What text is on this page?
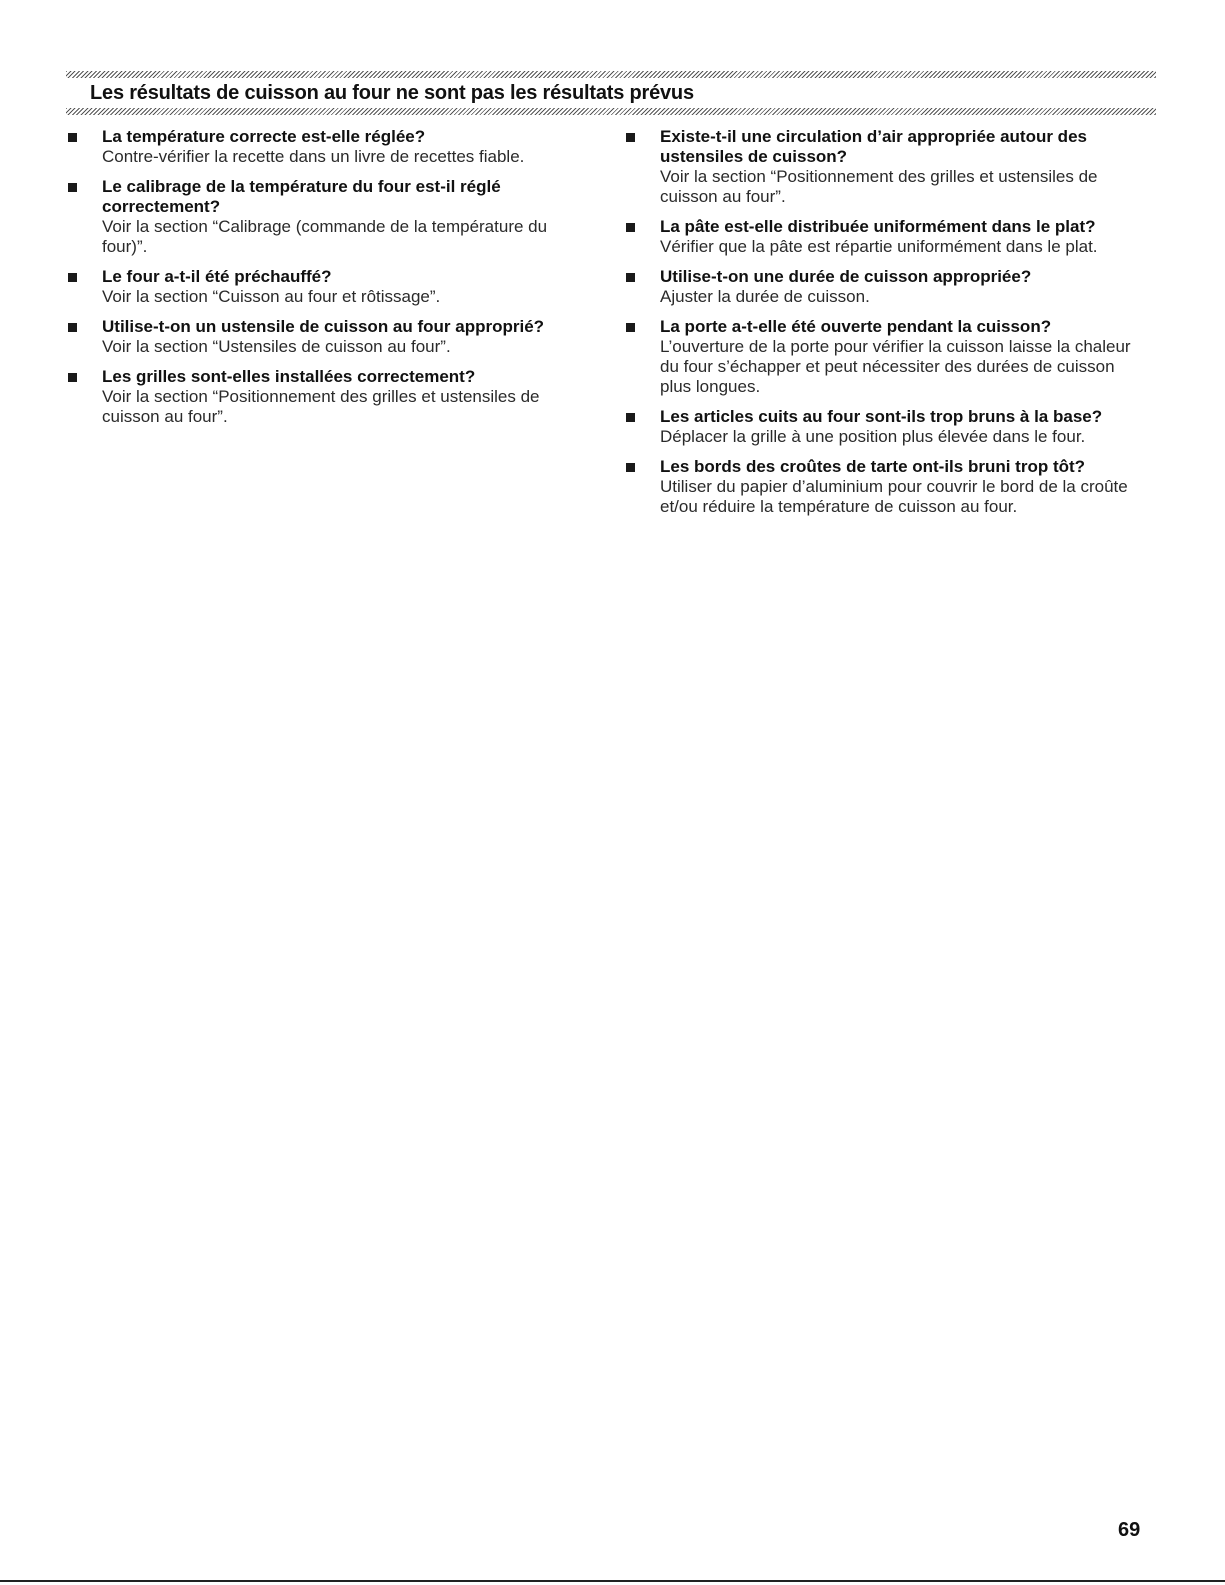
Les résultats de cuisson au four ne sont pas les résultats prévus
La température correcte est-elle réglée?
Contre-vérifier la recette dans un livre de recettes fiable.
Le calibrage de la température du four est-il réglé correctement?
Voir la section “Calibrage (commande de la température du four)”.
Le four a-t-il été préchauffé?
Voir la section “Cuisson au four et rôtissage”.
Utilise-t-on un ustensile de cuisson au four approprié?
Voir la section “Ustensiles de cuisson au four”.
Les grilles sont-elles installées correctement?
Voir la section “Positionnement des grilles et ustensiles de cuisson au four”.
Existe-t-il une circulation d’air appropriée autour des ustensiles de cuisson?
Voir la section “Positionnement des grilles et ustensiles de cuisson au four”.
La pâte est-elle distribuée uniformément dans le plat?
Vérifier que la pâte est répartie uniformément dans le plat.
Utilise-t-on une durée de cuisson appropriée?
Ajuster la durée de cuisson.
La porte a-t-elle été ouverte pendant la cuisson?
L’ouverture de la porte pour vérifier la cuisson laisse la chaleur du four s’échapper et peut nécessiter des durées de cuisson plus longues.
Les articles cuits au four sont-ils trop bruns à la base?
Déplacer la grille à une position plus élevée dans le four.
Les bords des croûtes de tarte ont-ils bruni trop tôt?
Utiliser du papier d’aluminium pour couvrir le bord de la croûte et/ou réduire la température de cuisson au four.
69
